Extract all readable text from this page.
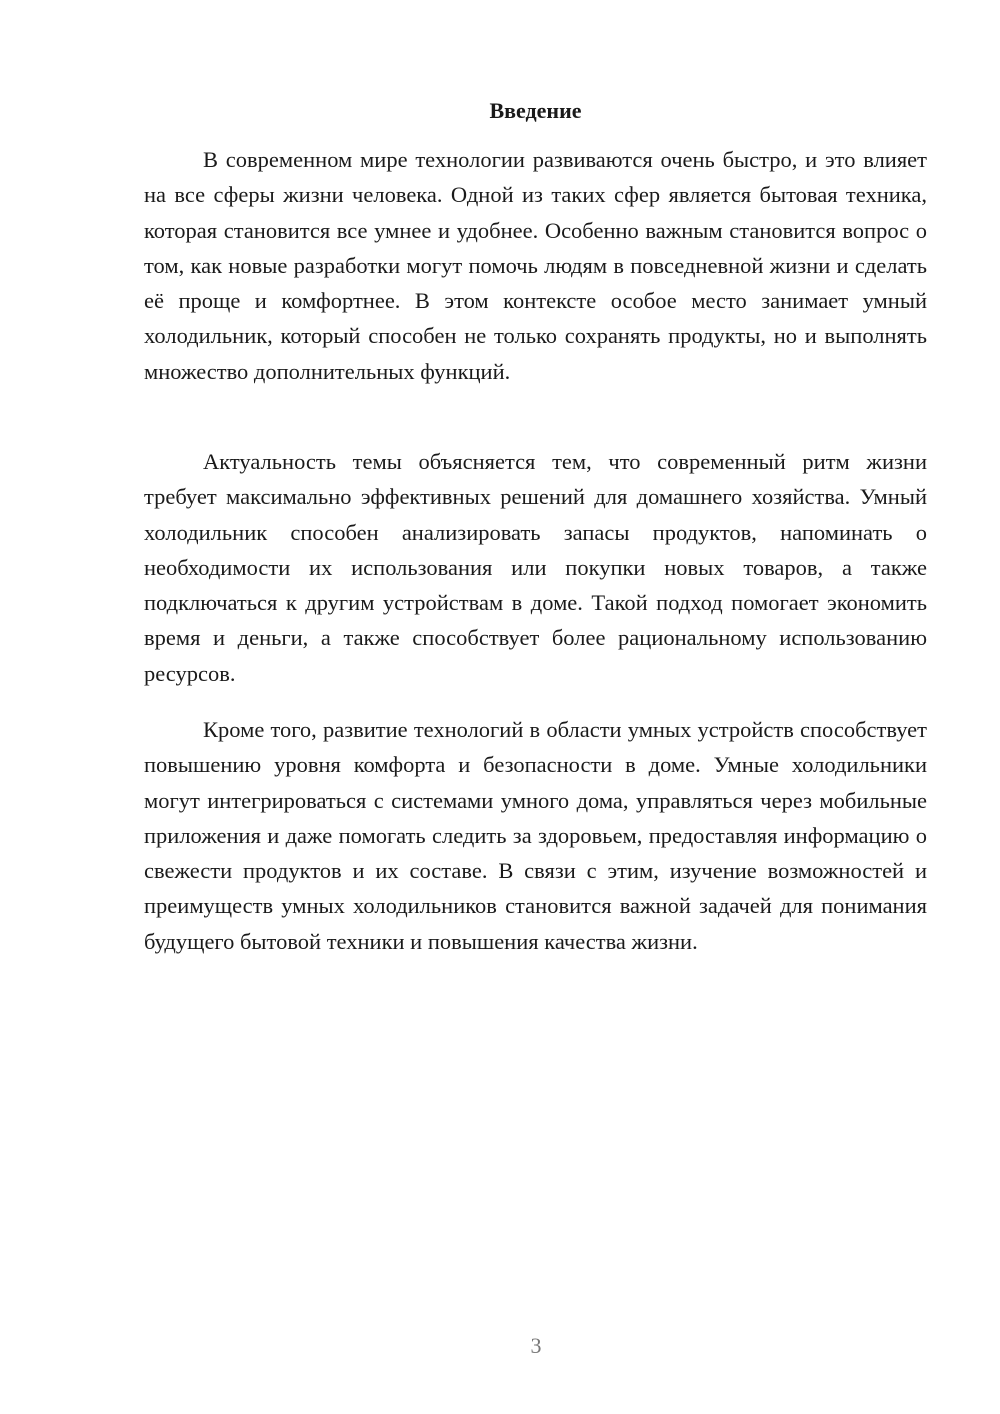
Введение

В современном мире технологии развиваются очень быстро, и это влияет на все сферы жизни человека. Одной из таких сфер является бытовая техника, которая становится все умнее и удобнее. Особенно важным становится вопрос о том, как новые разработки могут помочь людям в повседневной жизни и сделать её проще и комфортнее. В этом контексте особое место занимает умный холодильник, который способен не только сохранять продукты, но и выполнять множество дополнительных функций.

Актуальность темы объясняется тем, что современный ритм жизни требует максимально эффективных решений для домашнего хозяйства. Умный холодильник способен анализировать запасы продуктов, напоминать о необходимости их использования или покупки новых товаров, а также подключаться к другим устройствам в доме. Такой подход помогает экономить время и деньги, а также способствует более рациональному использованию ресурсов.

Кроме того, развитие технологий в области умных устройств способствует повышению уровня комфорта и безопасности в доме. Умные холодильники могут интегрироваться с системами умного дома, управляться через мобильные приложения и даже помогать следить за здоровьем, предоставляя информацию о свежести продуктов и их составе. В связи с этим, изучение возможностей и преимуществ умных холодильников становится важной задачей для понимания будущего бытовой техники и повышения качества жизни.

3
